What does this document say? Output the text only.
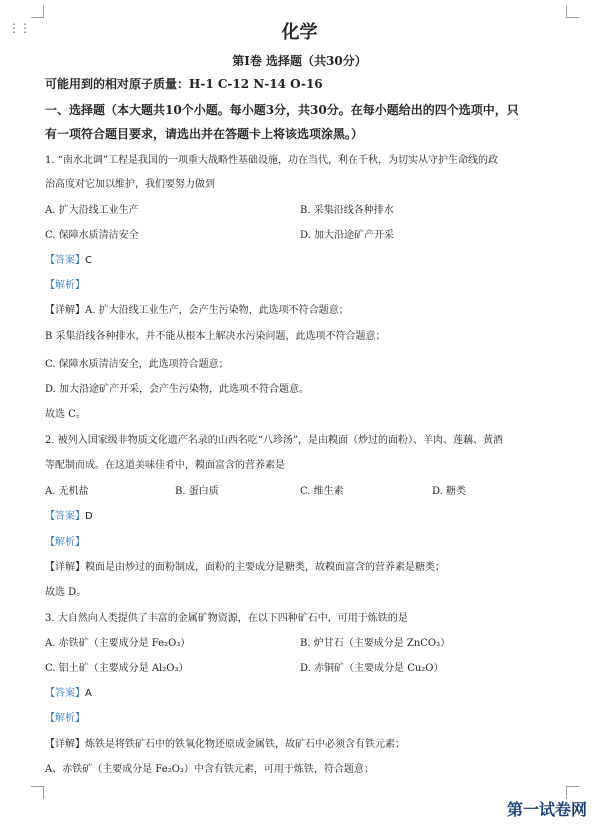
⋮⋮	化学
第Ⅰ卷 选择题（共30分）
可能用到的相对原子质量：H-1 C-12 N-14 O-16
一、选择题（本大题共10个小题。每小题3分，共30分。在每小题给出的四个选项中，只
有一项符合题目要求，请选出并在答题卡上将该选项涂黑。）
1. “南水北调”工程是我国的一项重大战略性基础设施，功在当代，利在千秋，为切实从守护生命线的政
治高度对它加以维护，我们要努力做到
A. 扩大沿线工业生产	B. 采集沿线各种排水
C. 保障水质清洁安全	D. 加大沿途矿产开采
【答案】C
【解析】
【详解】A. 扩大沿线工业生产，会产生污染物，此选项不符合题意；
B 采集沿线各种排水，并不能从根本上解决水污染问题，此选项不符合题意；
C. 保障水质清洁安全，此选项符合题意；
D. 加大沿途矿产开采，会产生污染物，此选项不符合题意。
故选 C。
2. 被列入国家级非物质文化遗产名录的山西名吃“八珍汤”，是由糗面（炒过的面粉）、羊肉、莲藕、黄酒
等配制而成。在这道美味佳肴中，糗面富含的营养素是
A. 无机盐	B. 蛋白质	C. 维生素	D. 糖类
【答案】D
【解析】
【详解】糗面是由炒过的面粉制成，面粉的主要成分是糖类，故糗面富含的营养素是糖类；
故选 D。
3. 大自然向人类提供了丰富的金属矿物资源，在以下四种矿石中，可用于炼铁的是
A. 赤铁矿（主要成分是 Fe₂O₃）	B. 炉甘石（主要成分是 ZnCO₃）
C. 铝土矿（主要成分是 Al₂O₃）	D. 赤铜矿（主要成分是 Cu₂O）
【答案】A
【解析】
【详解】炼铁是将铁矿石中的铁氧化物还原成金属铁，故矿石中必须含有铁元素；
A、赤铁矿（主要成分是 Fe₂O₃）中含有铁元素，可用于炼铁，符合题意；
第一试卷网
